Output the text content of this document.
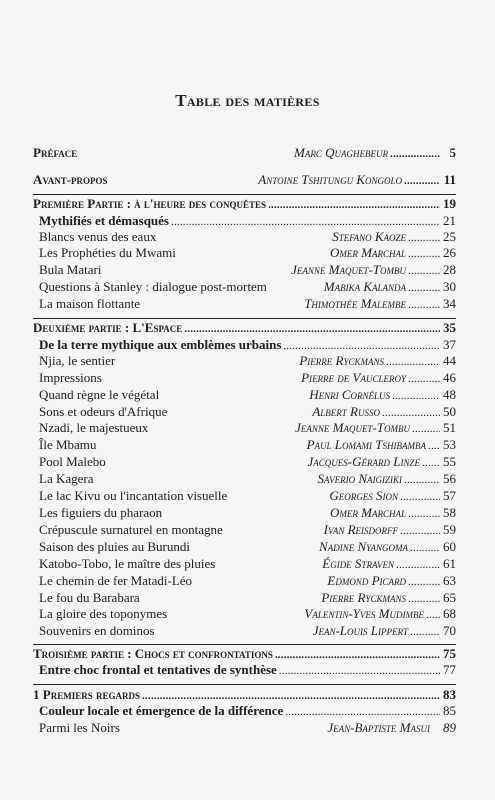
Table des matières
Préface	Marc Quaghebeur .....	5
Avant-propos	Antoine Tshitungu Kongolo .....	11
Première Partie : à l'heure des conquêtes .....	19
Mythifiés et démasqués .....	21
Blancs venus des eaux	Stefano Kaoze .....	25
Les Prophéties du Mwami	Omer Marchal .....	26
Bula Matari	Jeanne Maquet-Tombu .....	28
Questions à Stanley : dialogue post-mortem	Mabika Kalanda .....	30
La maison flottante	Thimothée Malembe .....	34
Deuxième partie : L'Espace .....	35
De la terre mythique aux emblèmes urbains .....	37
Njia, le sentier	Pierre Ryckmans .....	44
Impressions	Pierre de Vaucleroy .....	46
Quand règne le végétal	Henri Cornélus .....	48
Sons et odeurs d'Afrique	Albert Russo .....	50
Nzadi, le majestueux	Jeanne Maquet-Tombu .....	51
Île Mbamu	Paul Lomami Tshibamba ..... 53
Pool Malebo	Jacques-Gérard Linze ..... 55
La Kagera	Saverio Naigiziki .....	56
Le lac Kivu ou l'incantation visuelle	Georges Sion .....	57
Les figuiers du pharaon	Omer Marchal .....	58
Crépuscule surnaturel en montagne	Ivan Reisdorff .....	59
Saison des pluies au Burundi	Nadine Nyangoma .....	60
Katobo-Tobo, le maître des pluies	Égide Straven .....	61
Le chemin de fer Matadi-Léo	Edmond Picard .....	63
Le fou du Barabara	Pierre Ryckmans .....	65
La gloire des toponymes	Valentin-Yves Mudimbe ..... 68
Souvenirs en dominos	Jean-Louis Lippert .....	70
Troisième partie : Chocs et confrontations .....	75
Entre choc frontal et tentatives de synthèse .....	77
1 Premiers regards .....	83
Couleur locale et émergence de la différence .....	85
Parmi les Noirs	Jean-Baptiste Masui 89
